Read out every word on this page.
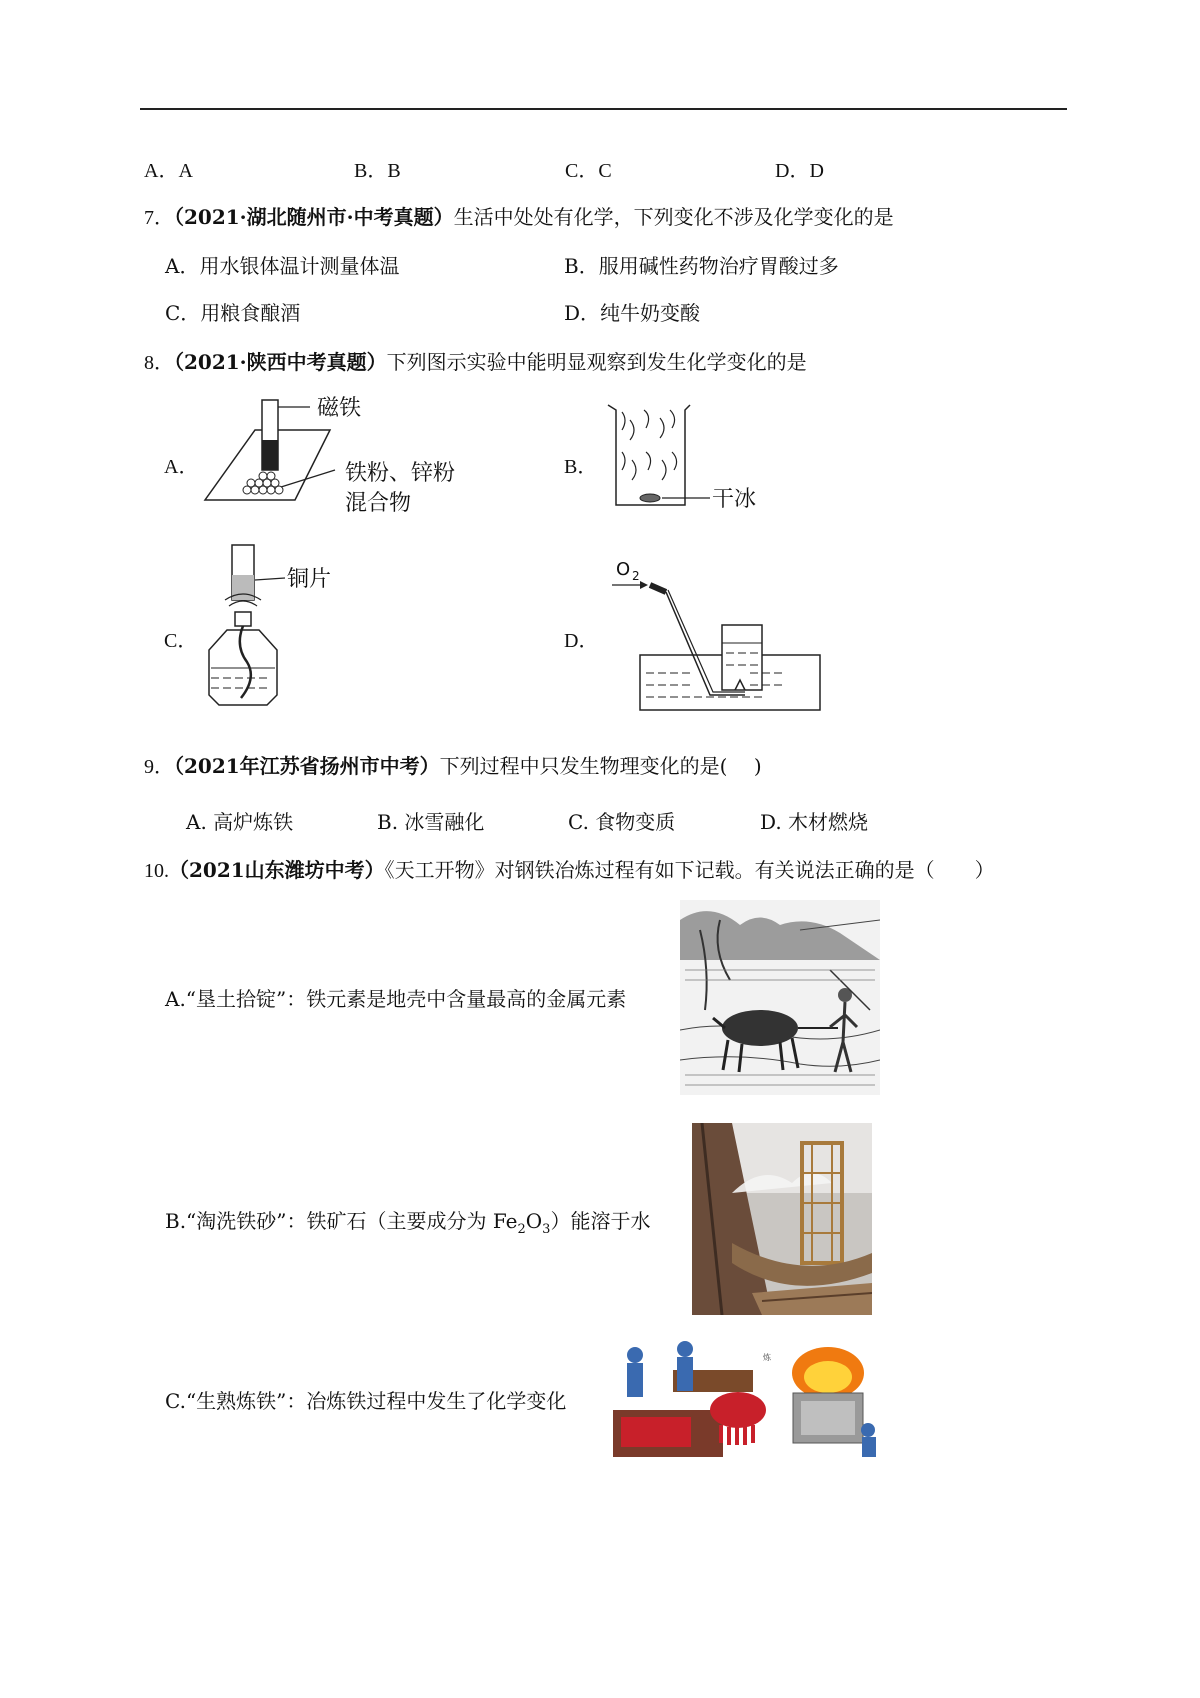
A．A	B．B	C．C	D．D
7．（2021·湖北随州市·中考真题）生活中处处有化学，下列变化不涉及化学变化的是
A．用水银体温计测量体温	B．服用碱性药物治疗胃酸过多
C．用粮食酿酒	D．纯牛奶变酸
8．（2021·陕西中考真题）下列图示实验中能明显观察到发生化学变化的是
A．	B．
C．	D．
磁铁
铁粉、锌粉
混合物	干冰
铜片	O 2
9．（2021年江苏省扬州市中考）下列过程中只发生物理变化的是(　 )
A. 高炉炼铁	B. 冰雪融化	C. 食物变质	D. 木材燃烧
10.（2021山东潍坊中考）《天工开物》对钢铁冶炼过程有如下记载。有关说法正确的是（　　）
A.“垦土拾锭”：铁元素是地壳中含量最高的金属元素
B.“淘洗铁砂”：铁矿石（主要成分为 $Fe_2O_3$）能溶于水
炼
C.“生熟炼铁”：冶炼铁过程中发生了化学变化
